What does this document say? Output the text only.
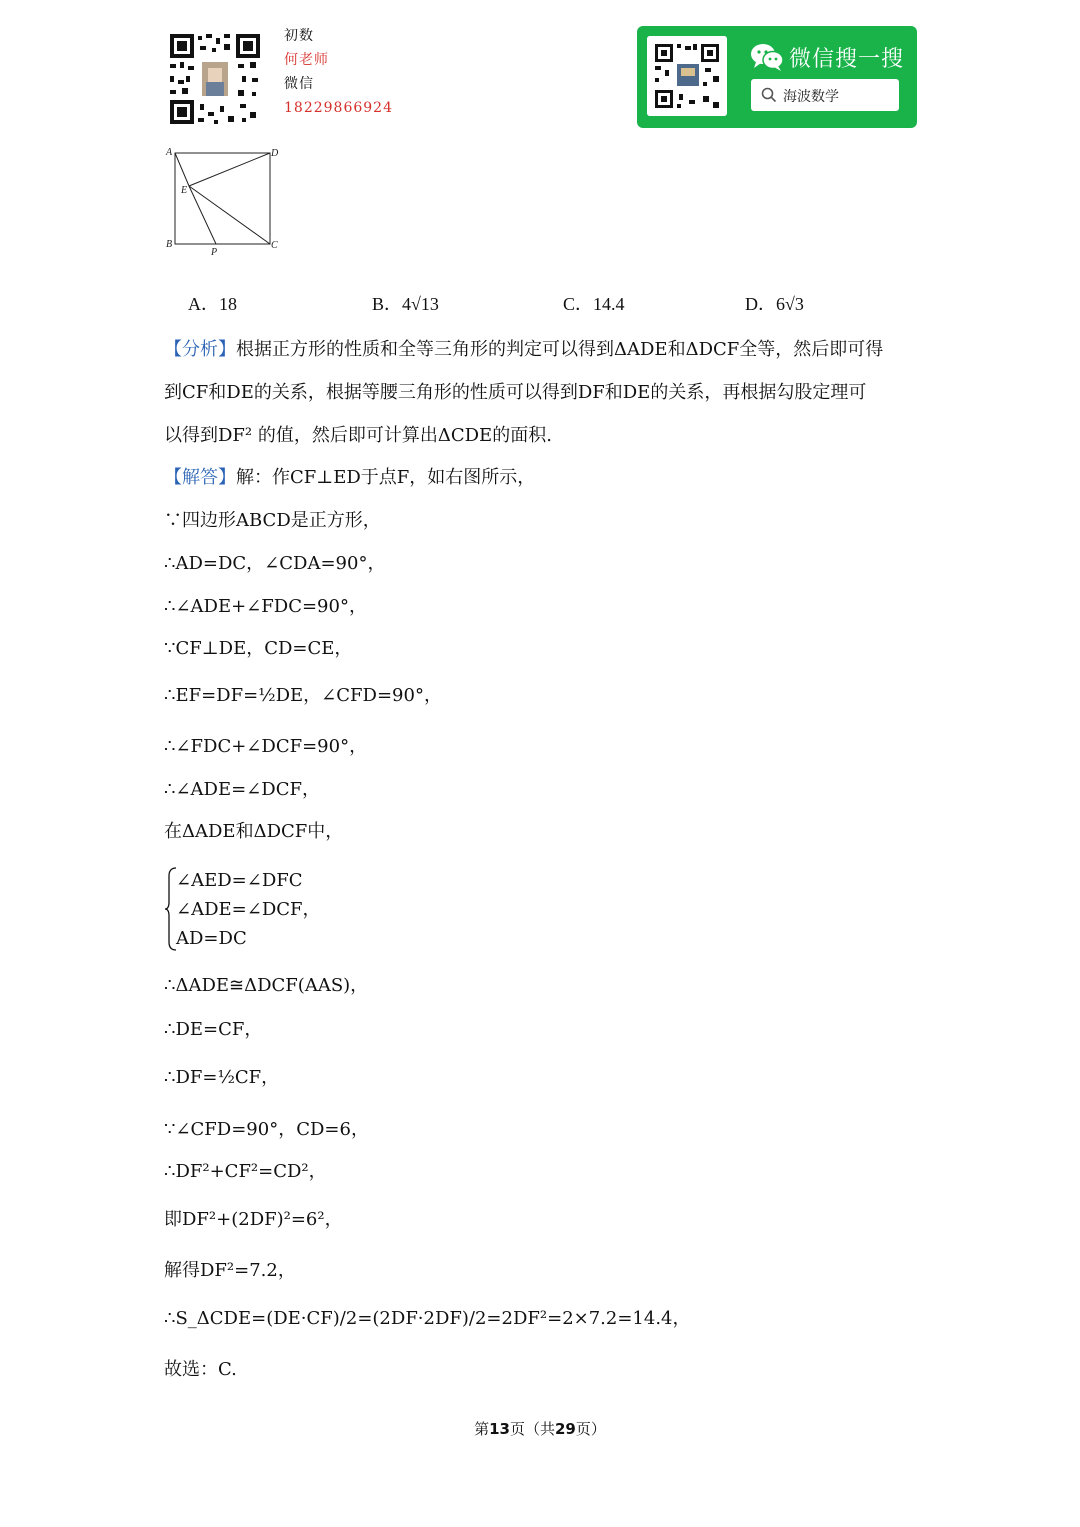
初数
何老师
微信
18229866924
微信搜一搜
海波数学
A	D
E
B
P
C
A．18	B．4√13	C．14.4	D．6√3
【分析】根据正方形的性质和全等三角形的判定可以得到ΔADE和ΔDCF全等，然后即可得
到CF和DE的关系，根据等腰三角形的性质可以得到DF和DE的关系，再根据勾股定理可
以得到DF² 的值，然后即可计算出ΔCDE的面积.
【解答】解：作CF⊥ED于点F，如右图所示，
∵四边形ABCD是正方形，
∴AD=DC，∠CDA=90°，
∴∠ADE+∠FDC=90°，
∵CF⊥DE，CD=CE，
∴EF=DF=½DE，∠CFD=90°，
∴∠FDC+∠DCF=90°，
∴∠ADE=∠DCF，
在ΔADE和ΔDCF中，
∠AED=∠DFC
∠ADE=∠DCF，
AD=DC
∴ΔADE≅ΔDCF(AAS)，
∴DE=CF，
∴DF=½CF，
∵∠CFD=90°，CD=6，
∴DF²+CF²=CD²，
即DF²+(2DF)²=6²，
解得DF²=7.2，
∴S_ΔCDE=(DE·CF)/2=(2DF·2DF)/2=2DF²=2×7.2=14.4，
故选：C.
第13页（共29页）
